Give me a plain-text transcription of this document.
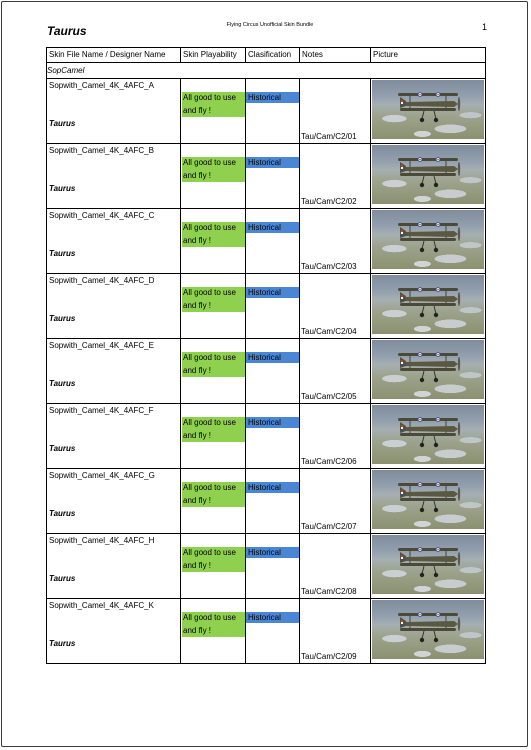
Taurus	Flying Circus Unofficial Skin Bundle	1
Skin File Name / Designer Name	Skin Playability	Clasification	Notes	Picture
SopCamel				

Sopwith_Camel_4K_4AFC_A
Taurus	All good to use and fly !	Historical	Tau/Cam/C2/01

Sopwith_Camel_4K_4AFC_B
Taurus	All good to use and fly !	Historical	Tau/Cam/C2/02

Sopwith_Camel_4K_4AFC_C
Taurus	All good to use and fly !	Historical	Tau/Cam/C2/03

Sopwith_Camel_4K_4AFC_D
Taurus	All good to use and fly !	Historical	Tau/Cam/C2/04

Sopwith_Camel_4K_4AFC_E
Taurus	All good to use and fly !	Historical	Tau/Cam/C2/05

Sopwith_Camel_4K_4AFC_F
Taurus	All good to use and fly !	Historical	Tau/Cam/C2/06

Sopwith_Camel_4K_4AFC_G
Taurus	All good to use and fly !	Historical	Tau/Cam/C2/07

Sopwith_Camel_4K_4AFC_H
Taurus	All good to use and fly !	Historical	Tau/Cam/C2/08

Sopwith_Camel_4K_4AFC_K
Taurus	All good to use and fly !	Historical	Tau/Cam/C2/09
